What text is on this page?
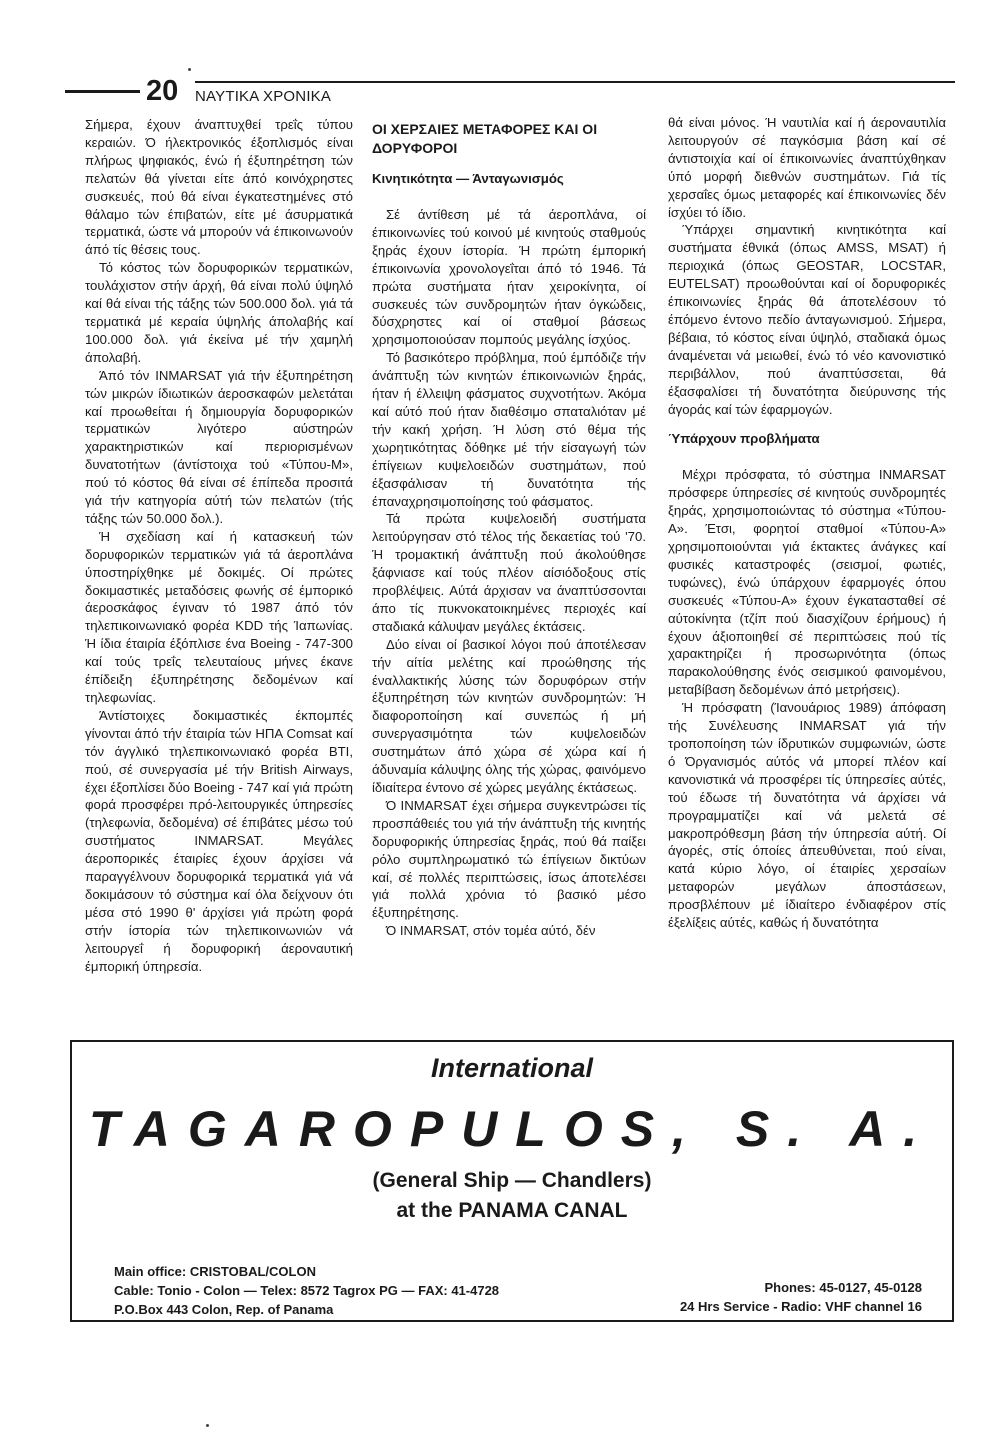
20 ΝΑΥΤΙΚΑ ΧΡΟΝΙΚΑ

Σήμερα, έχουν άναπτυχθεί τρεΐς τύπου κεραιών. Ό ήλεκτρονικός έξοπλισμός είναι πλήρως ψηφιακός, ένώ ή έξυπηρέτηση τών πελατών θά γίνεται είτε άπό κοινόχρηστες συσκευές, πού θά είναι έγκατεστημένες στό θάλαμο τών έπιβατών, είτε μέ άσυρματικά τερματικά, ώστε νά μπορούν νά έπικοινωνούν άπό τίς θέσεις τους.

Τό κόστος τών δορυφορικών τερματικών, τουλάχιστον στήν άρχή, θά είναι πολύ ύψηλό καί θά είναι τής τάξης τών 500.000 δολ. γιά τά τερματικά μέ κεραία ύψηλής άπολαβής καί 100.000 δολ. γιά έκείνα μέ τήν χαμηλή άπολαβή.

Άπό τόν INMARSAT γιά τήν έξυπηρέτηση τών μικρών ίδιωτικών άεροσκαφών μελετάται καί προωθείται ή δημιουργία δορυφορικών τερματικών λιγότερο αύστηρών χαρακτηριστικών καί περιορισμένων δυνατοτήτων (άντίστοιχα τού «Τύπου-Μ», πού τό κόστος θά είναι σέ έπίπεδα προσιτά γιά τήν κατηγορία αύτή τών πελατών (τής τάξης τών 50.000 δολ.).

Ή σχεδίαση καί ή κατασκευή τών δορυφορικών τερματικών γιά τά άεροπλάνα ύποστηρίχθηκε μέ δοκιμές. Οί πρώτες δοκιμαστικές μεταδόσεις φωνής σέ έμπορικό άεροσκάφος έγιναν τό 1987 άπό τόν τηλεπικοινωνιακό φορέα KDD τής Ίαπωνίας. Ή ίδια έταιρία έξόπλισε ένα Boeing - 747-300 καί τούς τρεΐς τελευταίους μήνες έκανε έπίδειξη έξυπηρέτησης δεδομένων καί τηλεφωνίας.

Άντίστοιχες δοκιμαστικές έκπομπές γίνονται άπό τήν έταιρία τών ΗΠΑ Comsat καί τόν άγγλικό τηλεπικοινωνιακό φορέα BTI, πού, σέ συνεργασία μέ τήν British Airways, έχει έξοπλίσει δύο Boeing - 747 καί γιά πρώτη φορά προσφέρει πρό-λειτουργικές ύπηρεσίες (τηλεφωνία, δεδομένα) σέ έπιβάτες μέσω τού συστήματος INMARSAT. Μεγάλες άεροπορικές έταιρίες έχουν άρχίσει νά παραγγέλνουν δορυφορικά τερματικά γιά νά δοκιμάσουν τό σύστημα καί όλα δείχνουν ότι μέσα στό 1990 θ' άρχίσει γιά πρώτη φορά στήν ίστορία τών τηλεπικοινωνιών νά λειτουργεΐ ή δορυφορική άεροναυτική έμπορική ύπηρεσία.

ΟΙ ΧΕΡΣΑΙΕΣ ΜΕΤΑΦΟΡΕΣ ΚΑΙ ΟΙ ΔΟΡΥΦΟΡΟΙ
Κινητικότητα — Άνταγωνισμός

Σέ άντίθεση μέ τά άεροπλάνα, οί έπικοινωνίες τού κοινού μέ κινητούς σταθμούς ξηράς έχουν ίστορία. Ή πρώτη έμπορική έπικοινωνία χρονολογεΐται άπό τό 1946. Τά πρώτα συστήματα ήταν χειροκίνητα, οί συσκευές τών συνδρομητών ήταν όγκώδεις, δύσχρηστες καί οί σταθμοί βάσεως χρησιμοποιούσαν πομπούς μεγάλης ίσχύος.

Τό βασικότερο πρόβλημα, πού έμπόδιζε τήν άνάπτυξη τών κινητών έπικοινωνιών ξηράς, ήταν ή έλλειψη φάσματος συχνοτήτων. Άκόμα καί αύτό πού ήταν διαθέσιμο σπαταλιόταν μέ τήν κακή χρήση. Ή λύση στό θέμα τής χωρητικότητας δόθηκε μέ τήν είσαγωγή τών έπίγειων κυψελοειδών συστημάτων, πού έξασφάλισαν τή δυνατότητα τής έπαναχρησιμοποίησης τού φάσματος.

Τά πρώτα κυψελοειδή συστήματα λειτούργησαν στό τέλος τής δεκαετίας τού '70. Ή τρομακτική άνάπτυξη πού άκολούθησε ξάφνιασε καί τούς πλέον αίσιόδοξους στίς προβλέψεις. Αύτά άρχισαν να άναπτύσσονται άπο τίς πυκνοκατοικημένες περιοχές καί σταδιακά κάλυψαν μεγάλες έκτάσεις.

Δύο είναι οί βασικοί λόγοι πού άποτέλεσαν τήν αίτία μελέτης καί προώθησης τής έναλλακτικής λύσης τών δορυφόρων στήν έξυπηρέτηση τών κινητών συνδρομητών: Ή διαφοροποίηση καί συνεπώς ή μή συνεργασιμότητα τών κυψελοειδών συστημάτων άπό χώρα σέ χώρα καί ή άδυναμία κάλυψης όλης τής χώρας, φαινόμενο ίδιαίτερα έντονο σέ χώρες μεγάλης έκτάσεως.

Ό INMARSAT έχει σήμερα συγκεντρώσει τίς προσπάθειές του γιά τήν άνάπτυξη τής κινητής δορυφορικής ύπηρεσίας ξηράς, πού θά παίξει ρόλο συμπληρωματικό τώ έπίγειων δικτύων καί, σέ πολλές περιπτώσεις, ίσως άποτελέσει γιά πολλά χρόνια τό βασικό μέσο έξυπηρέτησης.

Ό INMARSAT, στόν τομέα αύτό, δέν

θά είναι μόνος. Ή ναυτιλία καί ή άεροναυτιλία λειτουργούν σέ παγκόσμια βάση καί σέ άντιστοιχία καί οί έπικοινωνίες άναπτύχθηκαν ύπό μορφή διεθνών συστημάτων. Γιά τίς χερσαΐες όμως μεταφορές καί έπικοινωνίες δέν ίσχύει τό ίδιο.

Ύπάρχει σημαντική κινητικότητα καί συστήματα έθνικά (όπως AMSS, MSAT) ή περιοχικά (όπως GEOSTAR, LOCSTAR, EUTELSAT) προωθούνται καί οί δορυφορικές έπικοινωνίες ξηράς θά άποτελέσουν τό έπόμενο έντονο πεδίο άνταγωνισμού. Σήμερα, βέβαια, τό κόστος είναι ύψηλό, σταδιακά όμως άναμένεται νά μειωθεί, ένώ τό νέο κανονιστικό περιβάλλον, πού άναπτύσσεται, θά έξασφαλίσει τή δυνατότητα διεύρυνσης τής άγοράς καί τών έφαρμογών.

Ύπάρχουν προβλήματα

Μέχρι πρόσφατα, τό σύστημα INMARSAT πρόσφερε ύπηρεσίες σέ κινητούς συνδρομητές ξηράς, χρησιμοποιώντας τό σύστημα «Τύπου-Α». Έτσι, φορητοί σταθμοί «Τύπου-Α» χρησιμοποιούνται γιά έκτακτες άνάγκες καί φυσικές καταστροφές (σεισμοί, φωτιές, τυφώνες), ένώ ύπάρχουν έφαρμογές όπου συσκευές «Τύπου-Α» έχουν έγκατασταθεί σέ αύτοκίνητα (τζίπ πού διασχίζουν έρήμους) ή έχουν άξιοποιηθεί σέ περιπτώσεις πού τίς χαρακτηρίζει ή προσωρινότητα (όπως παρακολούθησης ένός σεισμικού φαινομένου, μεταβίβαση δεδομένων άπό μετρήσεις).

Ή πρόσφατη (Ίανουάριος 1989) άπόφαση τής Συνέλευσης INMARSAT γιά τήν τροποποίηση τών ίδρυτικών συμφωνιών, ώστε ό Όργανισμός αύτός νά μπορεί πλέον καί κανονιστικά νά προσφέρει τίς ύπηρεσίες αύτές, τού έδωσε τή δυνατότητα νά άρχίσει νά προγραμματίζει καί νά μελετά σέ μακροπρόθεσμη βάση τήν ύπηρεσία αύτή. Οί άγορές, στίς όποίες άπευθύνεται, πού είναι, κατά κύριο λόγο, οί έταιρίες χερσαίων μεταφορών μεγάλων άποστάσεων, προσβλέπουν μέ ίδιαίτερο ένδιαφέρον στίς έξελίξεις αύτές, καθώς ή δυνατότητα

International
TAGAROPULOS, S. A.
(General Ship — Chandlers)
at the PANAMA CANAL
Main office: CRISTOBAL/COLON
Cable: Tonio - Colon — Telex: 8572 Tagrox PG — FAX: 41-4728
P.O.Box 443 Colon, Rep. of Panama
Phones: 45-0127, 45-0128
24 Hrs Service - Radio: VHF channel 16
